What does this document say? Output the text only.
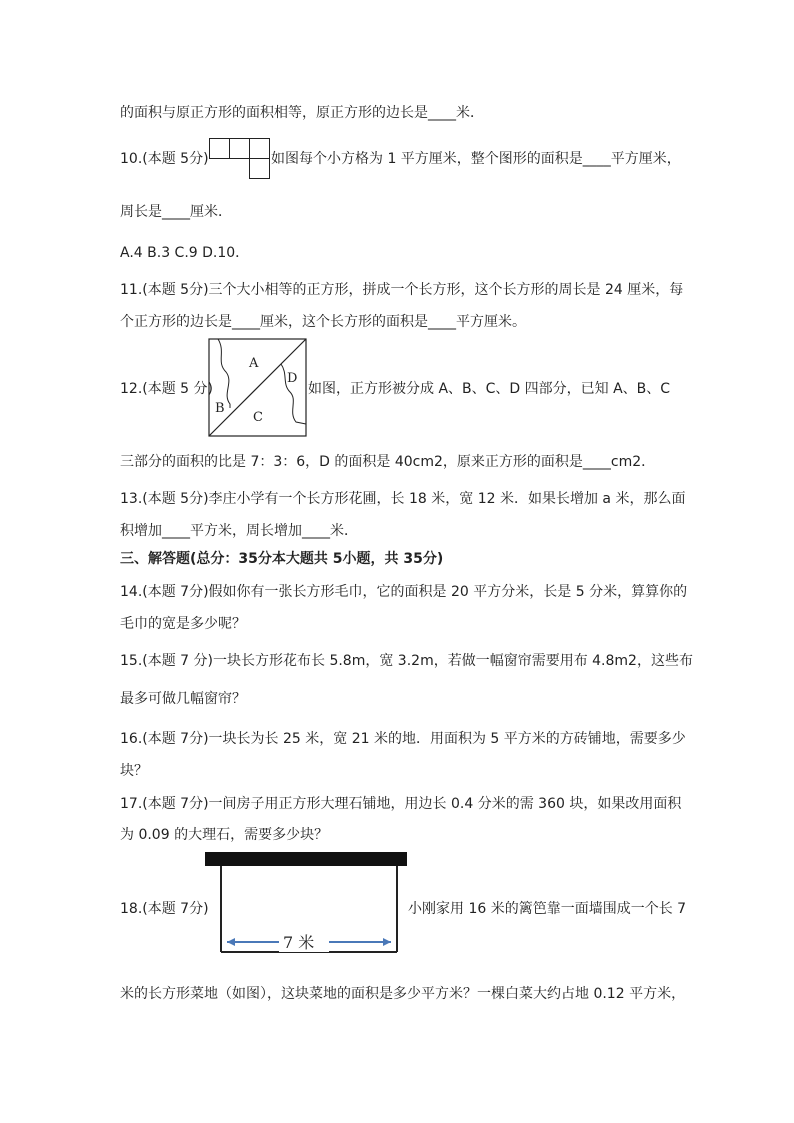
的面积与原正方形的面积相等，原正方形的边长是____米．
10.(本题 5分)	如图每个小方格为 1 平方厘米，整个图形的面积是____平方厘米，
周长是____厘米．
A.4 B.3 C.9 D.10．
11.(本题 5分)三个大小相等的正方形，拼成一个长方形，这个长方形的周长是 24 厘米，每
个正方形的边长是____厘米，这个长方形的面积是____平方厘米。
12.(本题 5 分)
A
B
C
D
如图，正方形被分成 A、B、C、D 四部分，已知 A、B、C
三部分的面积的比是 7：3：6，D 的面积是 40cm2，原来正方形的面积是____cm2．
13.(本题 5分)李庄小学有一个长方形花圃，长 18 米，宽 12 米．如果长增加 a 米，那么面
积增加____平方米，周长增加____米．
三、解答题(总分：35分本大题共 5小题，共 35分)
14.(本题 7分)假如你有一张长方形毛巾，它的面积是 20 平方分米，长是 5 分米，算算你的
毛巾的宽是多少呢？
15.(本题 7 分)一块长方形花布长 5.8m，宽 3.2m，若做一幅窗帘需要用布 4.8m2，这些布
最多可做几幅窗帘？
16.(本题 7分)一块长为长 25 米，宽 21 米的地．用面积为 5 平方米的方砖铺地，需要多少
块？
17.(本题 7分)一间房子用正方形大理石铺地，用边长 0.4 分米的需 360 块，如果改用面积
为 0.09 的大理石，需要多少块？
18.(本题 7分)
7 米
小刚家用 16 米的篱笆靠一面墙围成一个长 7
米的长方形菜地（如图），这块菜地的面积是多少平方米？一棵白菜大约占地 0.12 平方米，
